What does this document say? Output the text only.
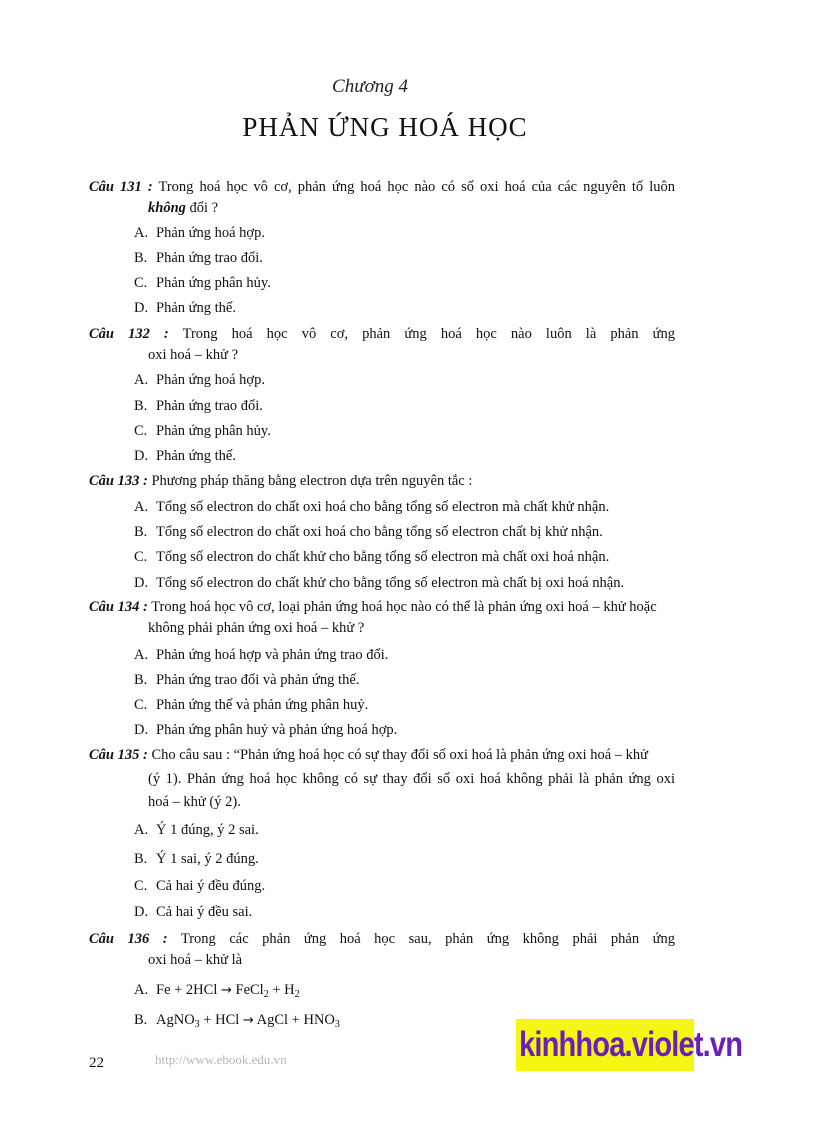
Chương 4
PHẢN ỨNG HOÁ HỌC
Câu 131 : Trong hoá học vô cơ, phản ứng hoá học nào có số oxi hoá của các nguyên tố luôn
không đổi ?
A. Phản ứng hoá hợp.
B. Phản ứng trao đổi.
C. Phản ứng phân hủy.
D. Phản ứng thế.
Câu 132 : Trong hoá học vô cơ, phản ứng hoá học nào luôn là phản ứng
oxi hoá – khử ?
A. Phản ứng hoá hợp.
B. Phản ứng trao đổi.
C. Phản ứng phân hủy.
D. Phản ứng thế.
Câu 133 : Phương pháp thăng bằng electron dựa trên nguyên tắc :
A. Tổng số electron do chất oxi hoá cho bằng tổng số electron mà chất khử nhận.
B. Tổng số electron do chất oxi hoá cho bằng tổng số electron chất bị khử nhận.
C. Tổng số electron do chất khử cho bằng tổng số electron mà chất oxi hoá nhận.
D. Tổng số electron do chất khử cho bằng tổng số electron mà chất bị oxi hoá nhận.
Câu 134 : Trong hoá học vô cơ, loại phản ứng hoá học nào có thể là phản ứng oxi hoá – khử hoặc
không phải phản ứng oxi hoá – khử ?
A. Phản ứng hoá hợp và phản ứng trao đổi.
B. Phản ứng trao đổi và phản ứng thế.
C. Phản ứng thế và phản ứng phân huỷ.
D. Phản ứng phân huỷ và phản ứng hoá hợp.
Câu 135 : Cho câu sau : “Phản ứng hoá học có sự thay đổi số oxi hoá là phản ứng oxi hoá – khử
(ý 1). Phản ứng hoá học không có sự thay đổi số oxi hoá không phải là phản ứng oxi
hoá – khử (ý 2).
A. Ý 1 đúng, ý 2 sai.
B. Ý 1 sai, ý 2 đúng.
C. Cả hai ý đều đúng.
D. Cả hai ý đều sai.
Câu 136 : Trong các phản ứng hoá học sau, phản ứng không phải phản ứng
oxi hoá – khử là
A. Fe + 2HCl → FeCl$_2$ + $H_2$
B. AgNO$_3$ + HCl → AgCl + $HNO_3$
22	http://www.ebook.edu.vn	kinhhoa.violet.vn
